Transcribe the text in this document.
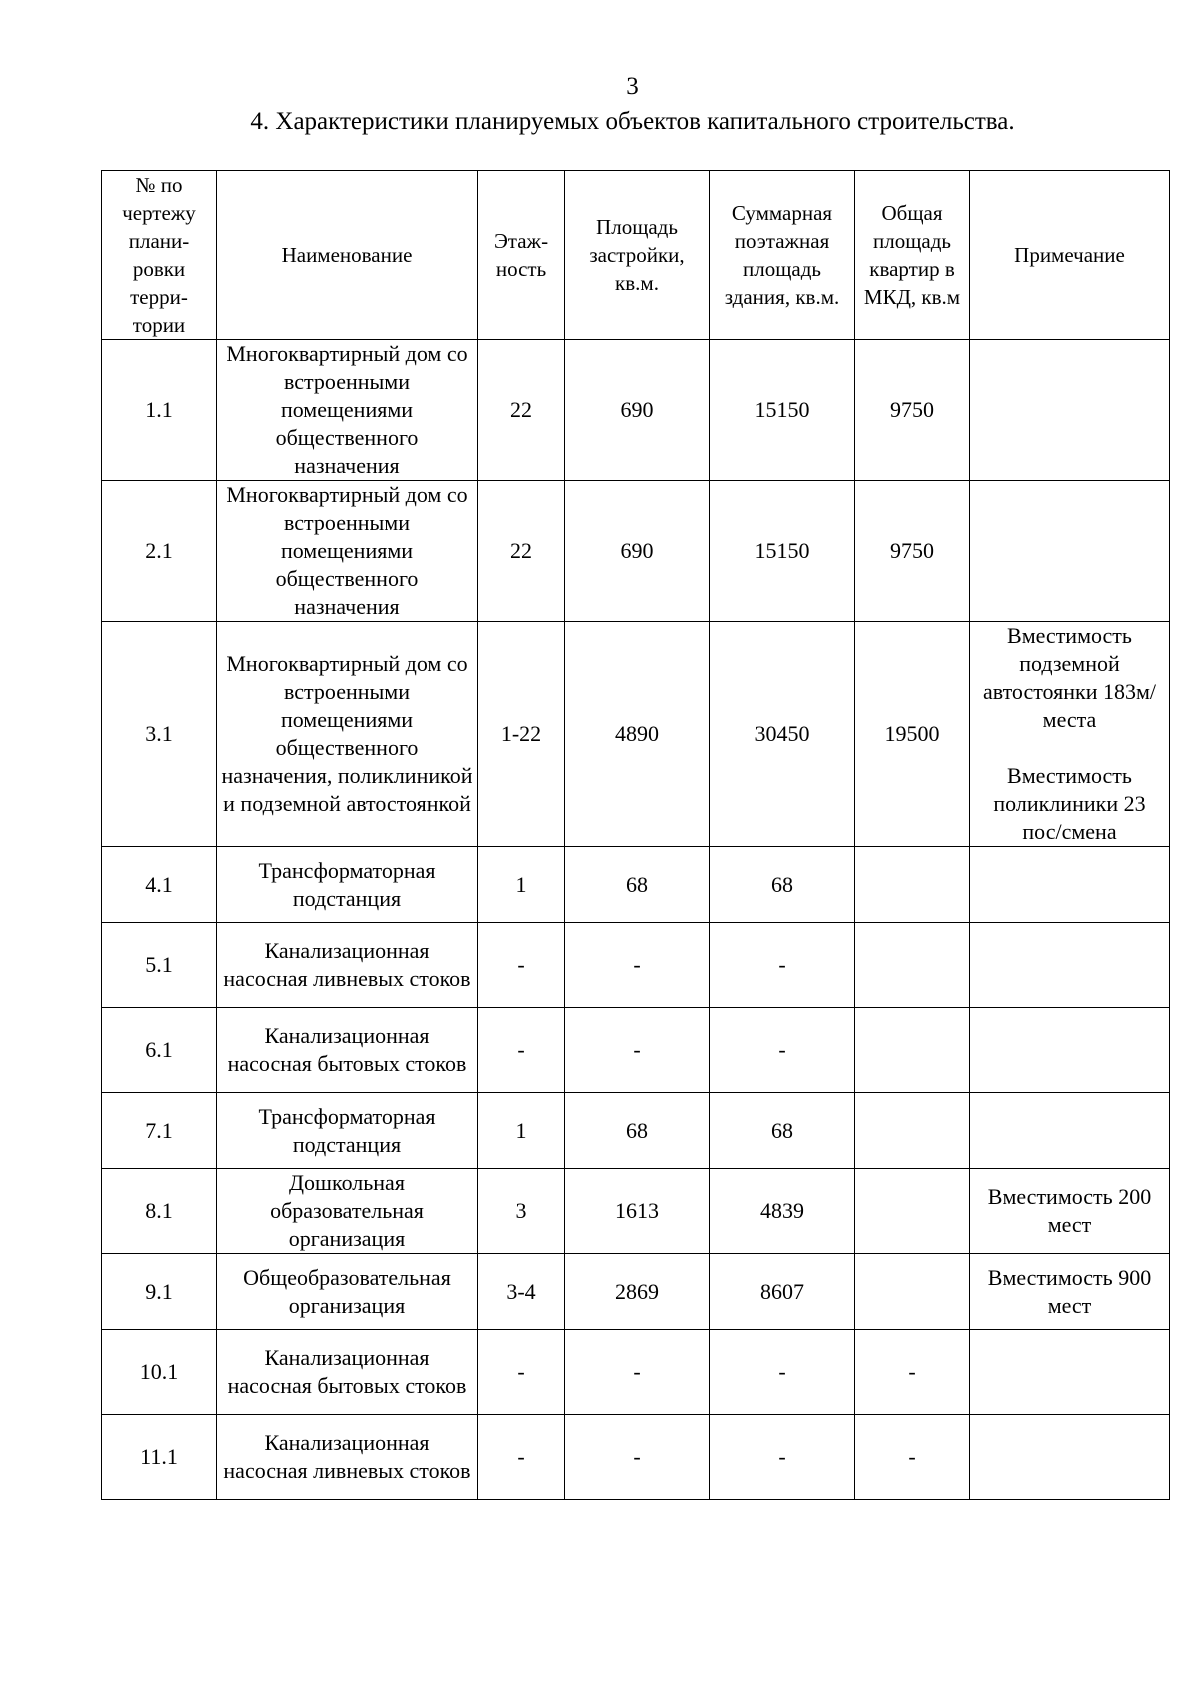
3
4. Характеристики планируемых объектов капитального строительства.
№ по чертежу плани-ровки терри-тории	Наименование	Этаж-ность	Площадь застройки, кв.м.	Суммарная поэтажная площадь здания, кв.м.	Общая площадь квартир в МКД, кв.м	Примечание
1.1	Многоквартирный дом со встроенными помещениями общественного назначения	22	690	15150	9750	

2.1	Многоквартирный дом со встроенными помещениями общественного назначения	22	690	15150	9750	

3.1	Многоквартирный дом со встроенными помещениями общественного назначения, поликлиникой и подземной автостоянкой	1-22	4890	30450	19500	Вместимость подземной автостоянки 183м/места
Вместимость поликлиники 23 пос/смена

4.1	Трансформаторная подстанция	1	68	68		

5.1	Канализационная насосная ливневых стоков	-	-	-		

6.1	Канализационная насосная бытовых стоков	-	-	-		

7.1	Трансформаторная подстанция	1	68	68		

8.1	Дошкольная образовательная организация	3	1613	4839		Вместимость 200 мест

9.1	Общеобразовательная организация	3-4	2869	8607		Вместимость 900 мест

10.1	Канализационная насосная бытовых стоков	-	-	-	-	

11.1	Канализационная насосная ливневых стоков	-	-	-	-	
